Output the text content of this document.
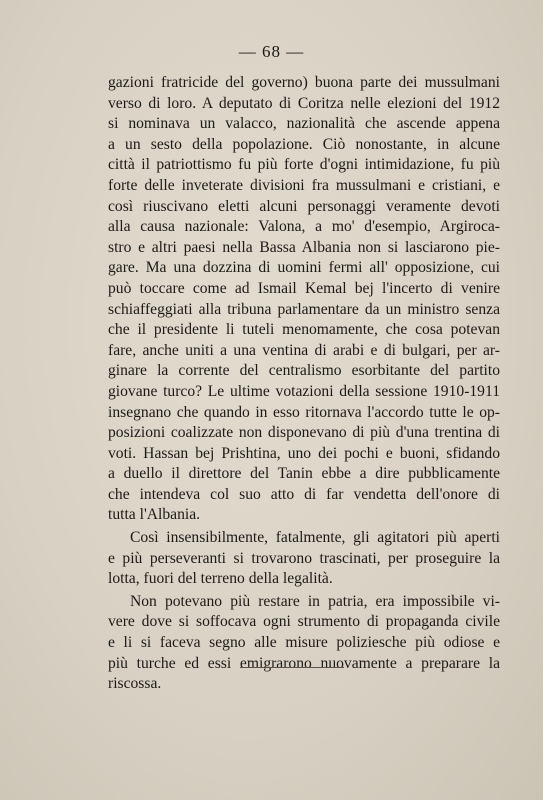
— 68 —
gazioni fratricide del governo) buona parte dei mussulmani
verso di loro. A deputato di Coritza nelle elezioni del 1912
si nominava un valacco, nazionalità che ascende appena
a un sesto della popolazione. Ciò nonostante, in alcune
città il patriottismo fu più forte d'ogni intimidazione, fu più
forte delle inveterate divisioni fra mussulmani e cristiani, e
così riuscivano eletti alcuni personaggi veramente devoti
alla causa nazionale: Valona, a mo' d'esempio, Argiroca-
stro e altri paesi nella Bassa Albania non si lasciarono pie-
gare. Ma una dozzina di uomini fermi all' opposizione, cui
può toccare come ad Ismail Kemal bej l'incerto di venire
schiaffeggiati alla tribuna parlamentare da un ministro senza
che il presidente li tuteli menomamente, che cosa potevan
fare, anche uniti a una ventina di arabi e di bulgari, per ar-
ginare la corrente del centralismo esorbitante del partito
giovane turco? Le ultime votazioni della sessione 1910-1911
insegnano che quando in esso ritornava l'accordo tutte le op-
posizioni coalizzate non disponevano di più d'una trentina di
voti. Hassan bej Prishtina, uno dei pochi e buoni, sfidando
a duello il direttore del Tanin ebbe a dire pubblicamente
che intendeva col suo atto di far vendetta dell'onore di
tutta l'Albania.
Così insensibilmente, fatalmente, gli agitatori più aperti
e più perseveranti si trovarono trascinati, per proseguire la
lotta, fuori del terreno della legalità.
Non potevano più restare in patria, era impossibile vi-
vere dove si soffocava ogni strumento di propaganda civile
e li si faceva segno alle misure poliziesche più odiose e
più turche ed essi emigrarono nuovamente a preparare la
riscossa.
